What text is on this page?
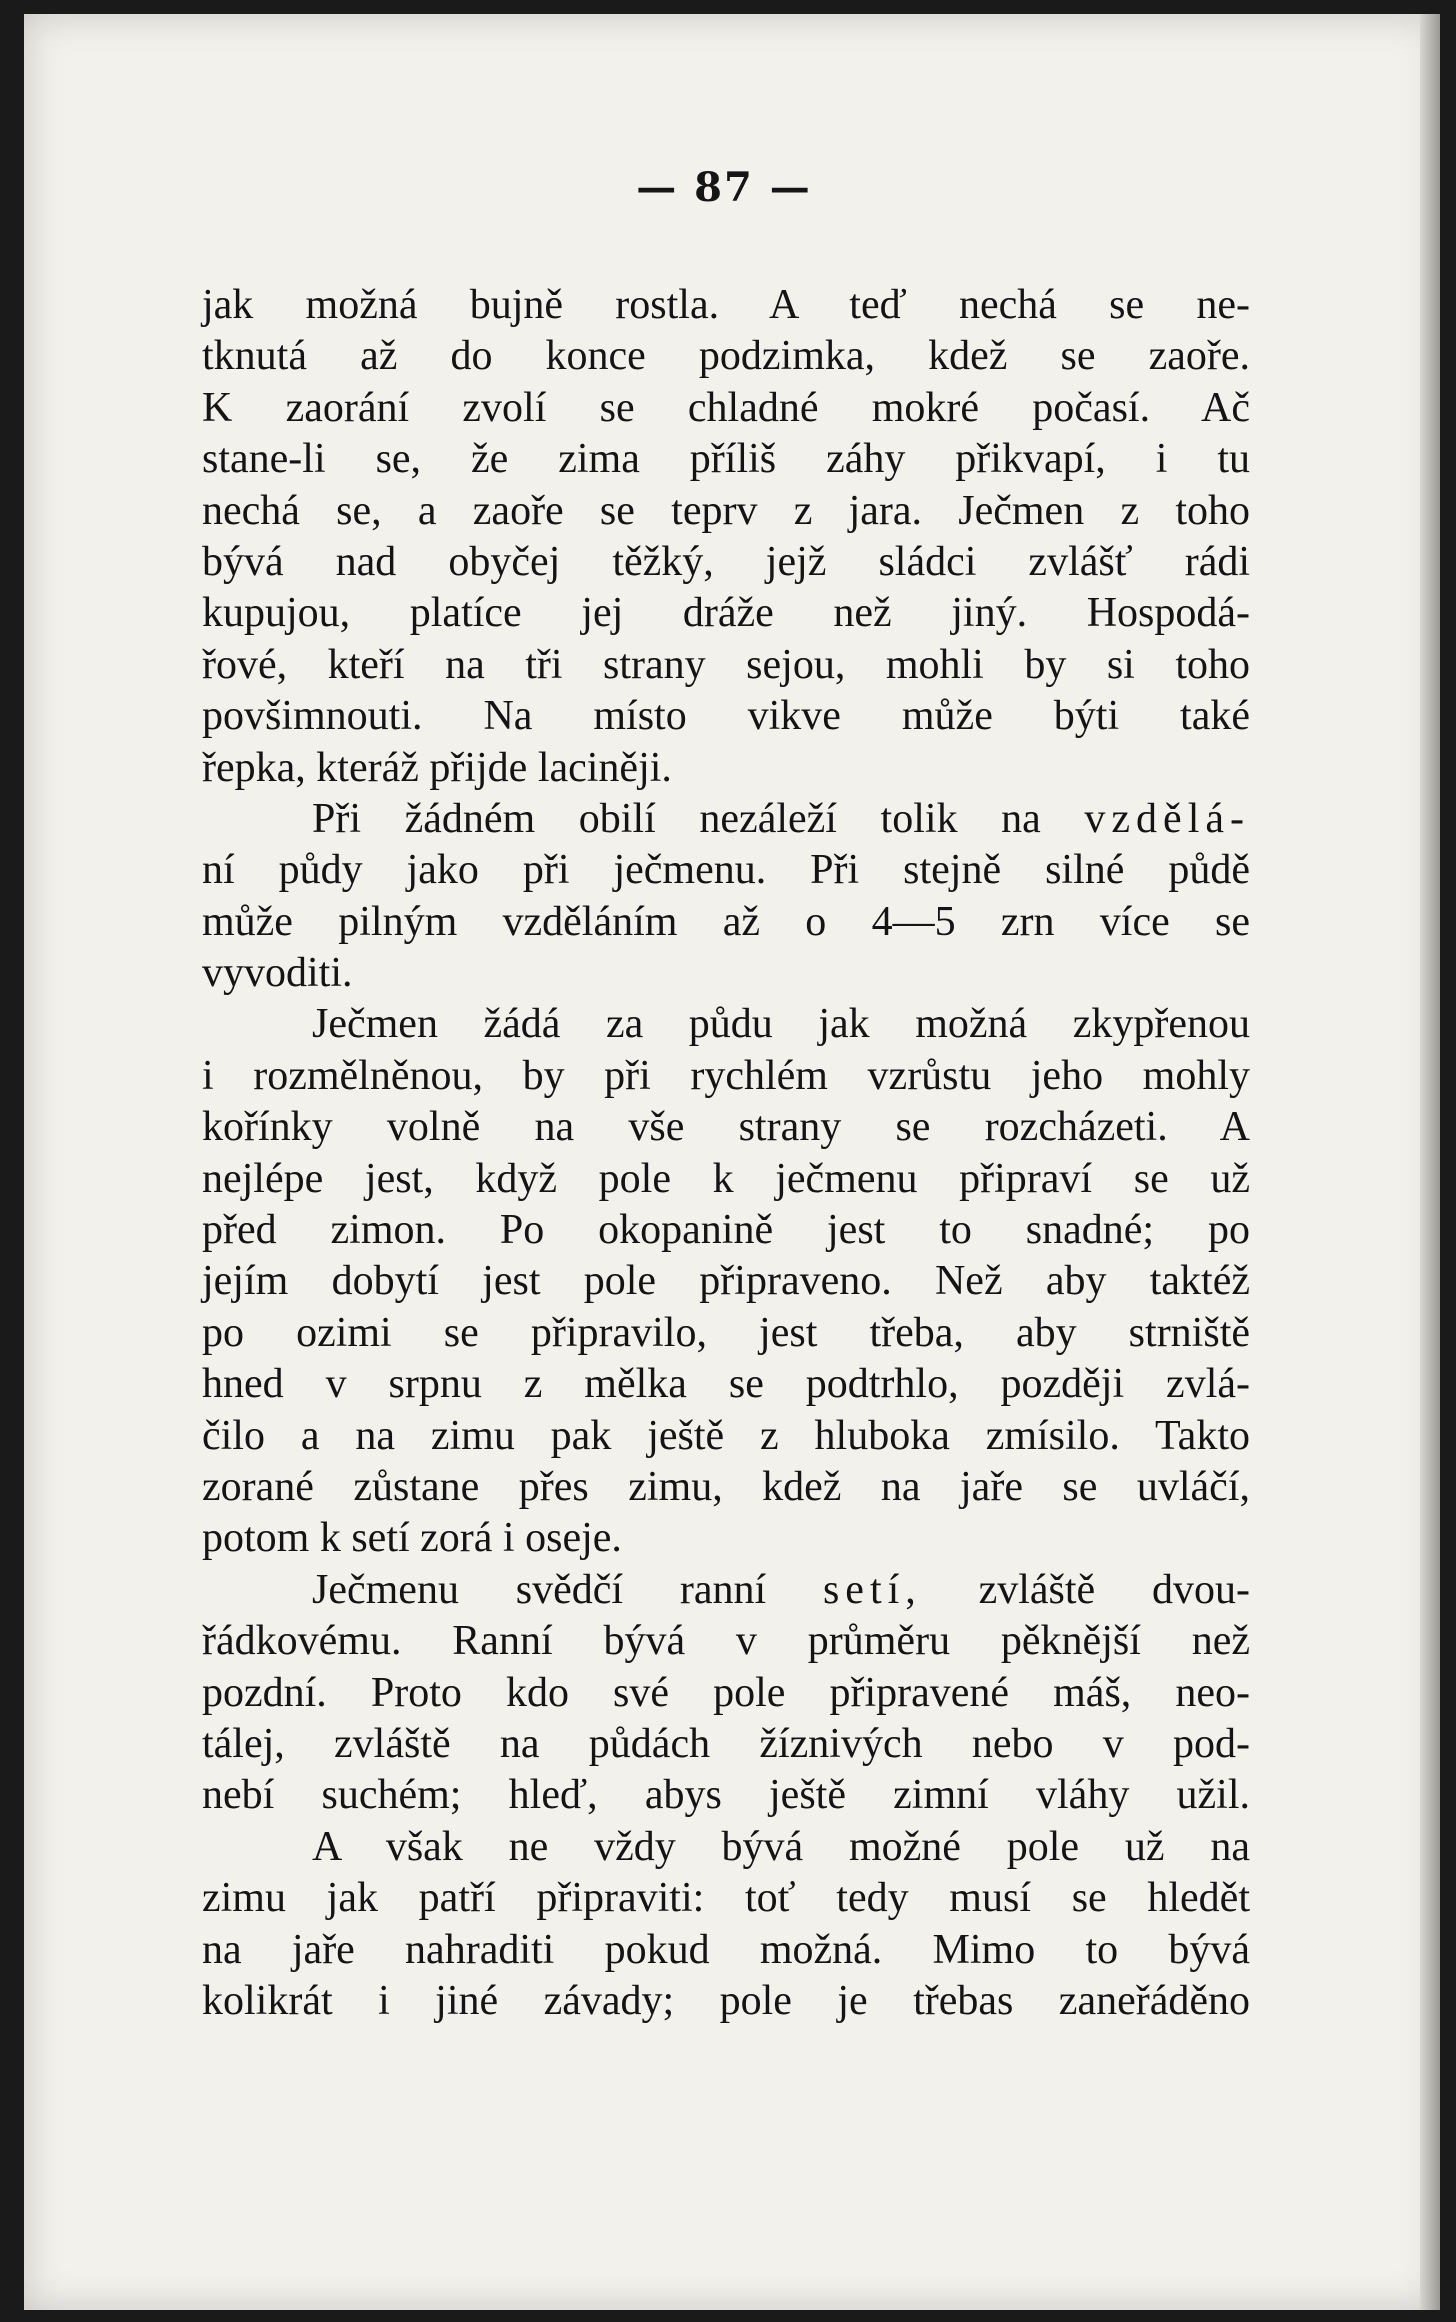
— 87 —
jak možná bujně rostla. A teď nechá se ne-
tknutá až do konce podzimka, kdež se zaoře.
K zaorání zvolí se chladné mokré počasí. Ač
stane-li se, že zima příliš záhy přikvapí, i tu
nechá se, a zaoře se teprv z jara. Ječmen z toho
bývá nad obyčej těžký, jejž sládci zvlášť rádi
kupujou, platíce jej dráže než jiný. Hospodá-
řové, kteří na tři strany sejou, mohli by si toho
povšimnouti. Na místo vikve může býti také
řepka, kteráž přijde laciněji.
Při žádném obilí nezáleží tolik na vzdělá-
ní půdy jako při ječmenu. Při stejně silné půdě
může pilným vzděláním až o 4—5 zrn více se
vyvoditi.
Ječmen žádá za půdu jak možná zkypřenou
i rozmělněnou, by při rychlém vzrůstu jeho mohly
kořínky volně na vše strany se rozcházeti. A
nejlépe jest, když pole k ječmenu připraví se už
před zimon. Po okopanině jest to snadné; po
jejím dobytí jest pole připraveno. Než aby taktéž
po ozimi se připravilo, jest třeba, aby strniště
hned v srpnu z mělka se podtrhlo, později zvlá-
čilo a na zimu pak ještě z hluboka zmísilo. Takto
zorané zůstane přes zimu, kdež na jaře se uvláčí,
potom k setí zorá i oseje.
Ječmenu svědčí ranní setí, zvláště dvou-
řádkovému. Ranní bývá v průměru pěknější než
pozdní. Proto kdo své pole připravené máš, neo-
tálej, zvláště na půdách žíznivých nebo v pod-
nebí suchém; hleď, abys ještě zimní vláhy užil.
A však ne vždy bývá možné pole už na
zimu jak patří připraviti: toť tedy musí se hledět
na jaře nahraditi pokud možná. Mimo to bývá
kolikrát i jiné závady; pole je třebas zaneřáděno
